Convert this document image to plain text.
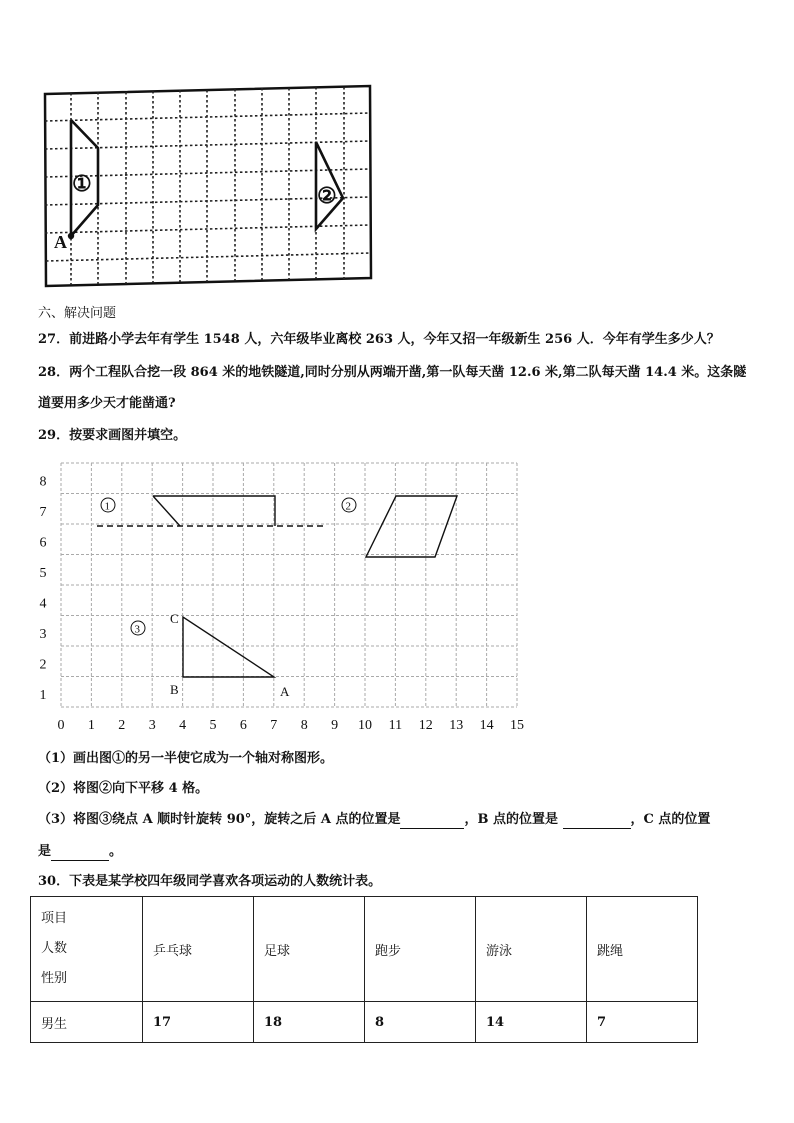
①	②
A
六、解决问题
27．前进路小学去年有学生 1548 人，六年级毕业离校 263 人，今年又招一年级新生 256 人．今年有学生多少人？
28．两个工程队合挖一段 864 米的地铁隧道,同时分别从两端开凿,第一队每天凿 12.6 米,第二队每天凿 14.4 米。这条隧
道要用多少天才能凿通?
29．按要求画图并填空。
0 1 2 3 4 5 6 7 8 9 10 11 12 13 14 15
1
2
3
4
5
6
7
8
1	2
3
C
B	A
（1）画出图①的另一半使它成为一个轴对称图形。
（2）将图②向下平移 4 格。
（3）将图③绕点 A 顺时针旋转 90°，旋转之后 A 点的位置是	，B 点的位置是	，C 点的位置
是	。
30．下表是某学校四年级同学喜欢各项运动的人数统计表。
项目
人数
性别	乒乓球	足球	跑步	游泳	跳绳
男生	17	18	8	14	7
